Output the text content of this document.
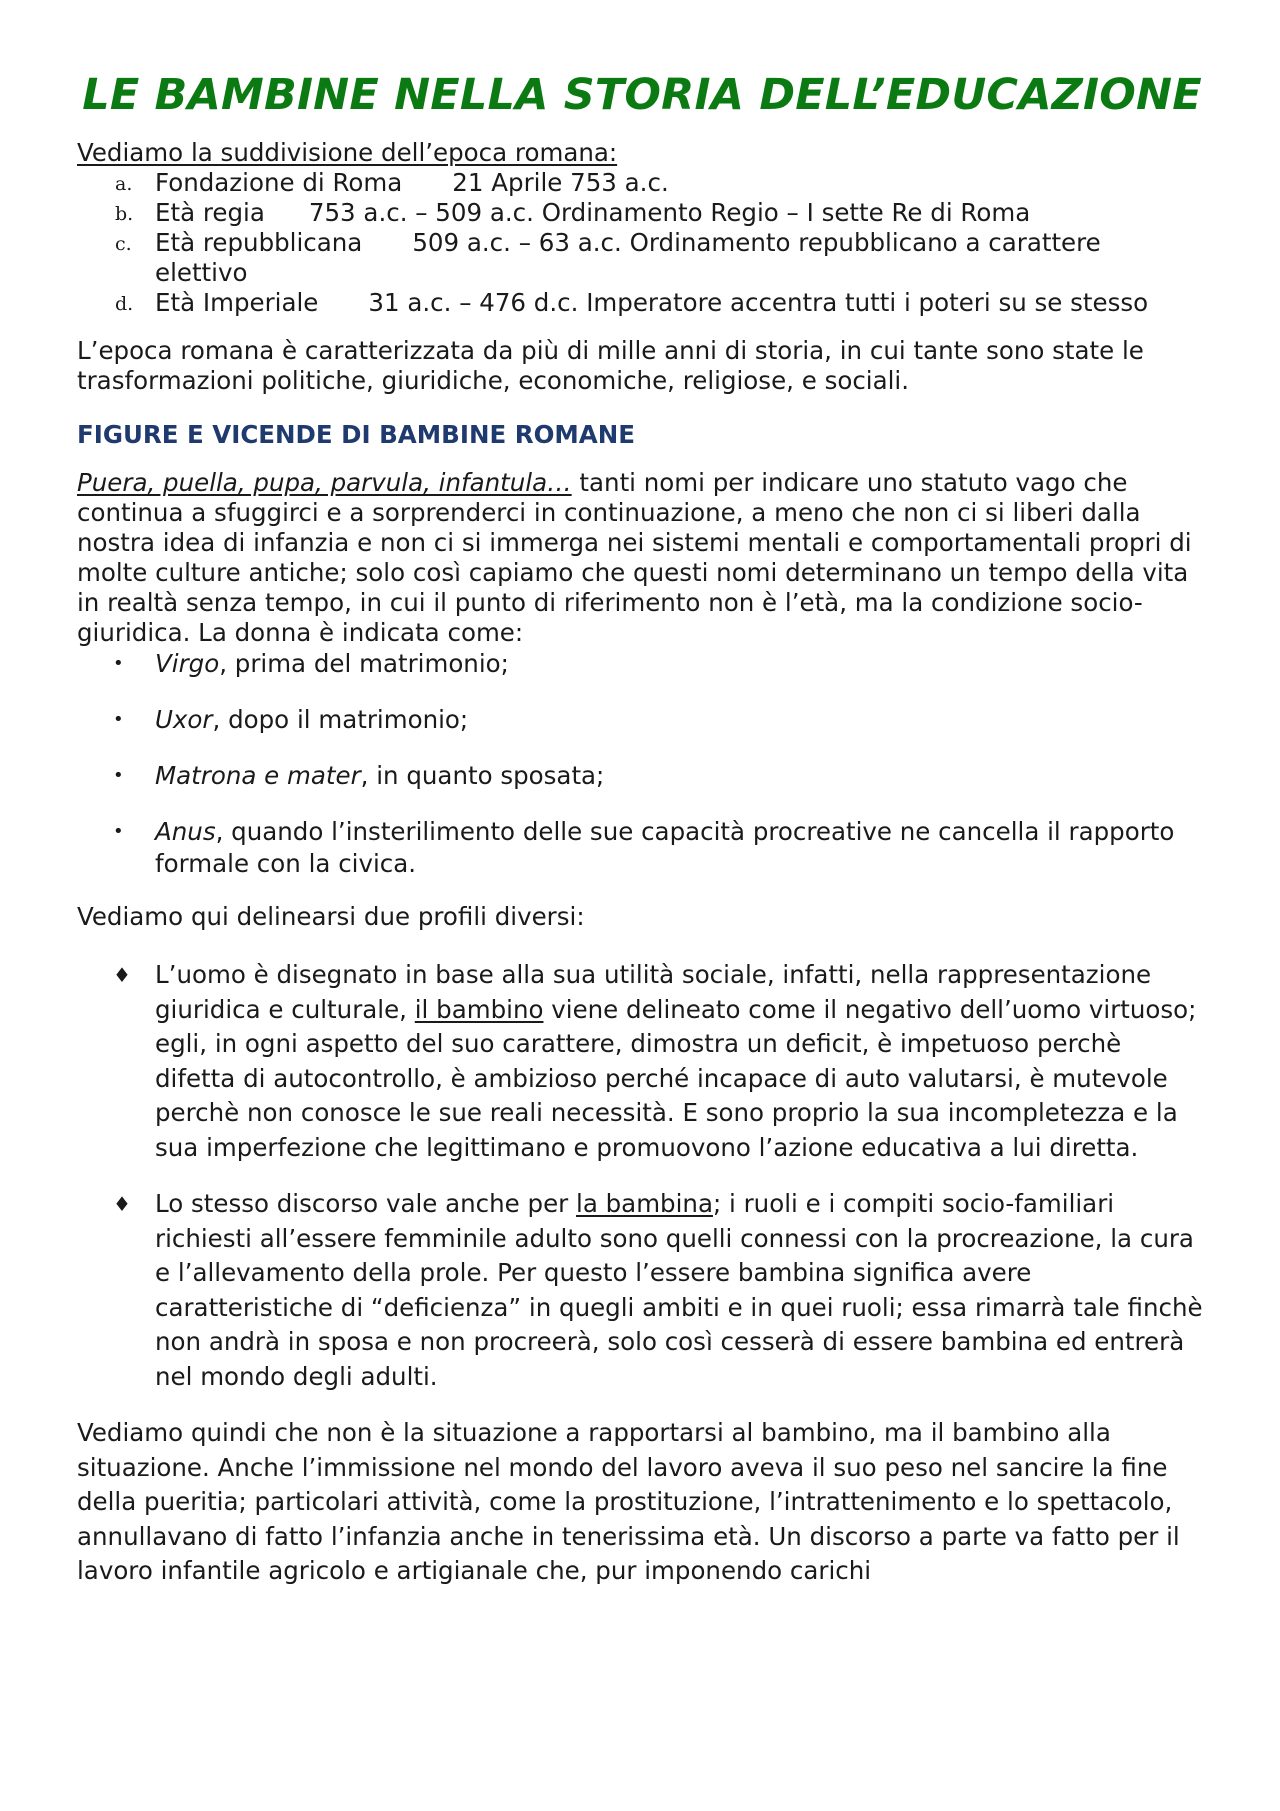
LE BAMBINE NELLA STORIA DELL’EDUCAZIONE

Vediamo la suddivisione dell’epoca romana:

a. Fondazione di Roma 21 Aprile 753 a.c.
b. Età regia 753 a.c. – 509 a.c. Ordinamento Regio – I sette Re di Roma
c. Età repubblicana 509 a.c. – 63 a.c. Ordinamento repubblicano a carattere
elettivo
d. Età Imperiale 31 a.c. – 476 d.c. Imperatore accentra tutti i poteri su se stesso

L’epoca romana è caratterizzata da più di mille anni di storia, in cui tante sono state le trasformazioni politiche, giuridiche, economiche, religiose, e sociali.

FIGURE E VICENDE DI BAMBINE ROMANE

Puera, puella, pupa, parvula, infantula… tanti nomi per indicare uno statuto vago che continua a sfuggirci e a sorprenderci in continuazione, a meno che non ci si liberi dalla nostra idea di infanzia e non ci si immerga nei sistemi mentali e comportamentali propri di molte culture antiche; solo così capiamo che questi nomi determinano un tempo della vita in realtà senza tempo, in cui il punto di riferimento non è l’età, ma la condizione socio-giuridica. La donna è indicata come:

• Virgo, prima del matrimonio;
• Uxor, dopo il matrimonio;
• Matrona e mater, in quanto sposata;
• Anus, quando l’insterilimento delle sue capacità procreative ne cancella il rapporto formale con la civica.

Vediamo qui delinearsi due profili diversi:

♦ L’uomo è disegnato in base alla sua utilità sociale, infatti, nella rappresentazione giuridica e culturale, il bambino viene delineato come il negativo dell’uomo virtuoso; egli, in ogni aspetto del suo carattere, dimostra un deficit, è impetuoso perchè difetta di autocontrollo, è ambizioso perché incapace di auto valutarsi, è mutevole perchè non conosce le sue reali necessità. E sono proprio la sua incompletezza e la sua imperfezione che legittimano e promuovono l’azione educativa a lui diretta.
♦ Lo stesso discorso vale anche per la bambina; i ruoli e i compiti socio-familiari richiesti all’essere femminile adulto sono quelli connessi con la procreazione, la cura e l’allevamento della prole. Per questo l’essere bambina significa avere caratteristiche di “deficienza” in quegli ambiti e in quei ruoli; essa rimarrà tale finchè non andrà in sposa e non procreerà, solo così cesserà di essere bambina ed entrerà nel mondo degli adulti.

Vediamo quindi che non è la situazione a rapportarsi al bambino, ma il bambino alla situazione. Anche l’immissione nel mondo del lavoro aveva il suo peso nel sancire la fine della pueritia; particolari attività, come la prostituzione, l’intrattenimento e lo spettacolo, annullavano di fatto l’infanzia anche in tenerissima età. Un discorso a parte va fatto per il lavoro infantile agricolo e artigianale che, pur imponendo carichi
